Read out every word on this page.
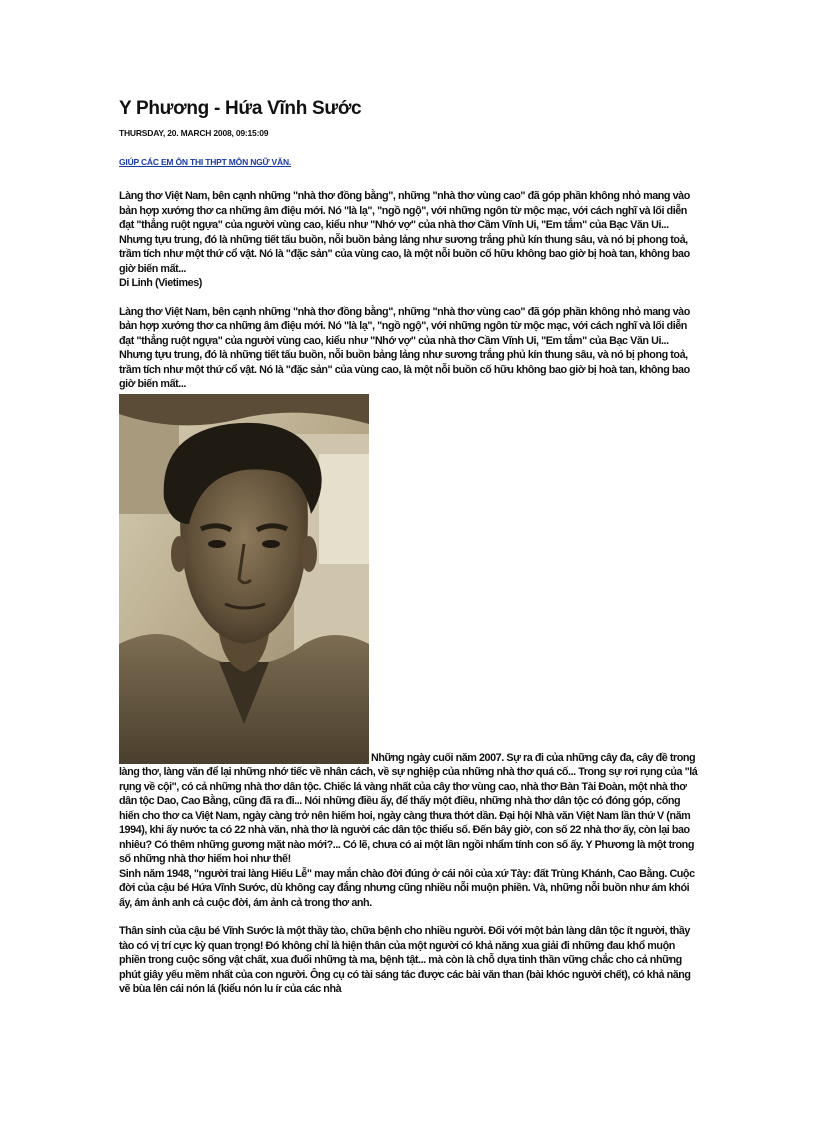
Y Phương - Hứa Vĩnh Sước
THURSDAY, 20. MARCH 2008, 09:15:09
GIÚP CÁC EM ÔN THI THPT MÔN NGỮ VĂN.

Làng thơ Việt Nam, bên cạnh những "nhà thơ đồng bằng", những "nhà thơ vùng cao" đã góp phần không nhỏ mang vào bản hợp xướng thơ ca những âm điệu mới. Nó "là lạ", "ngồ ngộ", với những ngôn từ mộc mạc, với cách nghĩ và lối diễn đạt "thẳng ruột ngựa" của người vùng cao, kiểu như "Nhớ vợ" của nhà thơ Cầm Vĩnh Ui, "Em tắm" của Bạc Văn Ui... Nhưng tựu trung, đó là những tiết tấu buồn, nỗi buồn bảng lảng như sương trắng phủ kín thung sâu, và nó bị phong toả, trầm tích như một thứ cổ vật. Nó là "đặc sản" của vùng cao, là một nỗi buồn cố hữu không bao giờ bị hoà tan, không bao giờ biến mất...

Di Linh (Vietimes)

Làng thơ Việt Nam, bên cạnh những "nhà thơ đồng bằng", những "nhà thơ vùng cao" đã góp phần không nhỏ mang vào bản hợp xướng thơ ca những âm điệu mới. Nó "là lạ", "ngồ ngộ", với những ngôn từ mộc mạc, với cách nghĩ và lối diễn đạt "thẳng ruột ngựa" của người vùng cao, kiểu như "Nhớ vợ" của nhà thơ Cầm Vĩnh Ui, "Em tắm" của Bạc Văn Ui... Nhưng tựu trung, đó là những tiết tấu buồn, nỗi buồn bảng lảng như sương trắng phủ kín thung sâu, và nó bị phong toả, trầm tích như một thứ cổ vật. Nó là "đặc sản" của vùng cao, là một nỗi buồn cố hữu không bao giờ bị hoà tan, không bao giờ biến mất...

Những ngày cuối năm 2007. Sự ra đi của những cây đa, cây đề trong làng thơ, làng văn để lại những nhớ tiếc về nhân cách, về sự nghiệp của những nhà thơ quá cố... Trong sự rơi rụng của "lá rụng về cội", có cả những nhà thơ dân tộc. Chiếc lá vàng nhất của cây thơ vùng cao, nhà thơ Bàn Tài Đoàn, một nhà thơ dân tộc Dao, Cao Bằng, cũng đã ra đi... Nói những điều ấy, để thấy một điều, những nhà thơ dân tộc có đóng góp, cống hiến cho thơ ca Việt Nam, ngày càng trở nên hiếm hoi, ngày càng thưa thớt dần. Đại hội Nhà văn Việt Nam lần thứ V (năm 1994), khi ấy nước ta có 22 nhà văn, nhà thơ là người các dân tộc thiểu số. Đến bây giờ, con số 22 nhà thơ ấy, còn lại bao nhiêu? Có thêm những gương mặt nào mới?... Có lẽ, chưa có ai một lần ngồi nhẩm tính con số ấy. Y Phương là một trong số những nhà thơ hiếm hoi như thế!

Sinh năm 1948, "người trai làng Hiếu Lễ" may mắn chào đời đúng ở cái nôi của xứ Tày: đất Trùng Khánh, Cao Bằng. Cuộc đời của cậu bé Hứa Vĩnh Sước, dù không cay đắng nhưng cũng nhiều nỗi muộn phiền. Và, những nỗi buồn như ám khói ấy, ám ảnh anh cả cuộc đời, ám ảnh cả trong thơ anh.

Thân sinh của cậu bé Vĩnh Sước là một thầy tào, chữa bệnh cho nhiều người. Đối với một bản làng dân tộc ít người, thầy tào có vị trí cực kỳ quan trọng! Đó không chỉ là hiện thân của một người có khả năng xua giải đi những đau khổ muộn phiền trong cuộc sống vật chất, xua đuổi những tà ma, bệnh tật... mà còn là chỗ dựa tinh thần vững chắc cho cả những phút giây yếu mềm nhất của con người. Ông cụ có tài sáng tác được các bài văn than (bài khóc người chết), có khả năng vẽ bùa lên cái nón lá (kiểu nón lu ír của các nhà
